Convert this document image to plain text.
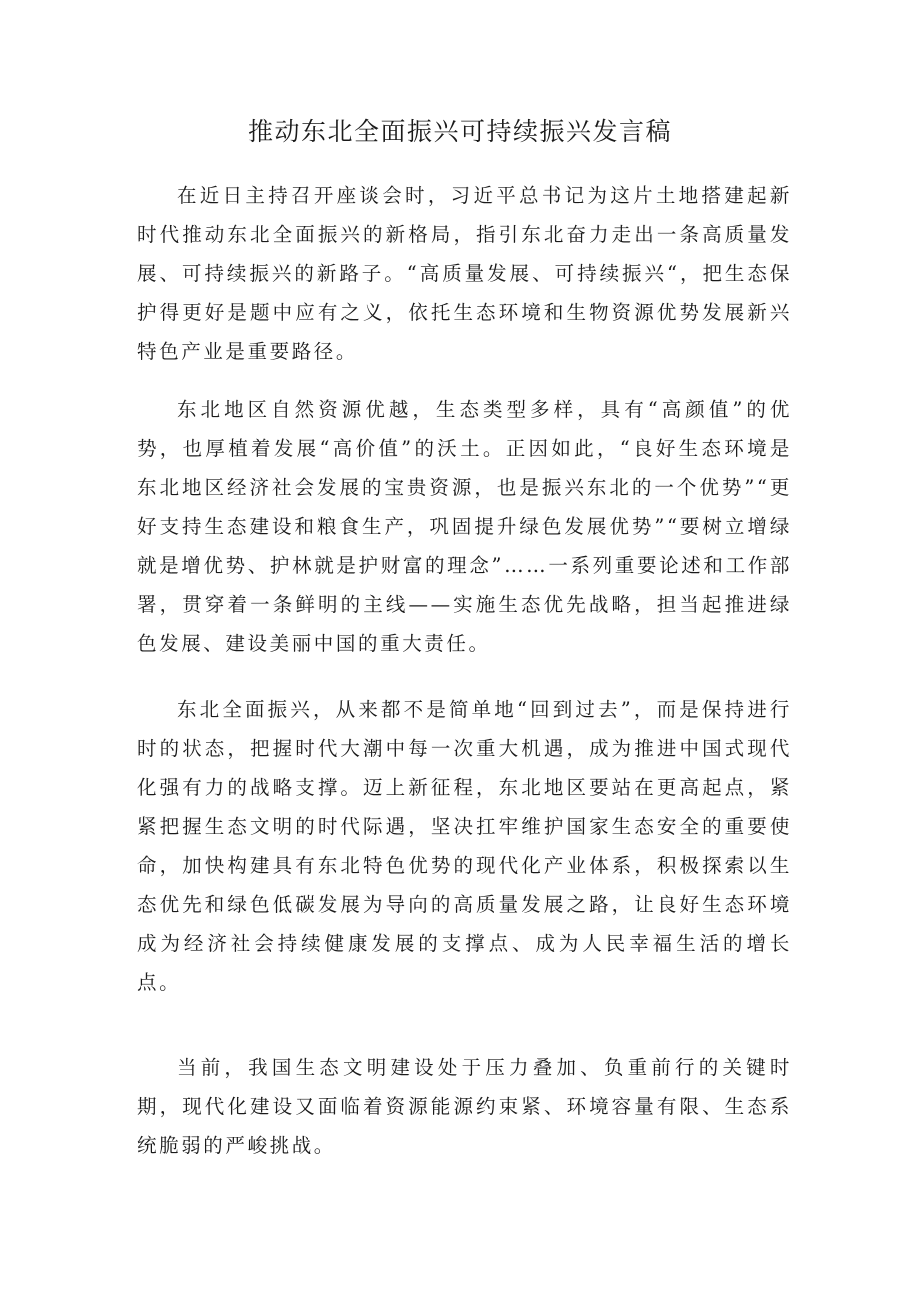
推动东北全面振兴可持续振兴发言稿

在近日主持召开座谈会时，习近平总书记为这片土地搭建起新时代推动东北全面振兴的新格局，指引东北奋力走出一条高质量发展、可持续振兴的新路子。“高质量发展、可持续振兴“，把生态保护得更好是题中应有之义，依托生态环境和生物资源优势发展新兴特色产业是重要路径。

东北地区自然资源优越，生态类型多样，具有“高颜值”的优势，也厚植着发展“高价值”的沃土。正因如此，“良好生态环境是东北地区经济社会发展的宝贵资源，也是振兴东北的一个优势”“更好支持生态建设和粮食生产，巩固提升绿色发展优势”“要树立增绿就是增优势、护林就是护财富的理念”……一系列重要论述和工作部署，贯穿着一条鲜明的主线——实施生态优先战略，担当起推进绿色发展、建设美丽中国的重大责任。

东北全面振兴，从来都不是简单地“回到过去”，而是保持进行时的状态，把握时代大潮中每一次重大机遇，成为推进中国式现代化强有力的战略支撑。迈上新征程，东北地区要站在更高起点，紧紧把握生态文明的时代际遇，坚决扛牢维护国家生态安全的重要使命，加快构建具有东北特色优势的现代化产业体系，积极探索以生态优先和绿色低碳发展为导向的高质量发展之路，让良好生态环境成为经济社会持续健康发展的支撑点、成为人民幸福生活的增长点。

当前，我国生态文明建设处于压力叠加、负重前行的关键时期，现代化建设又面临着资源能源约束紧、环境容量有限、生态系统脆弱的严峻挑战。
